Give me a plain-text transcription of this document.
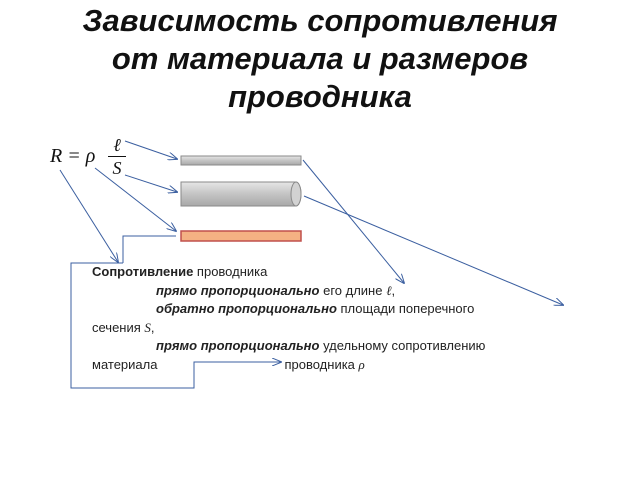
Зависимость сопротивления
от материала и размеров
проводника
R = ρ ℓ
S
Сопротивление проводника
прямо пропорционально его длине ℓ,
обратно пропорционально площади поперечного
сечения S,
прямо пропорционально удельному сопротивлению
материала	проводника ρ
